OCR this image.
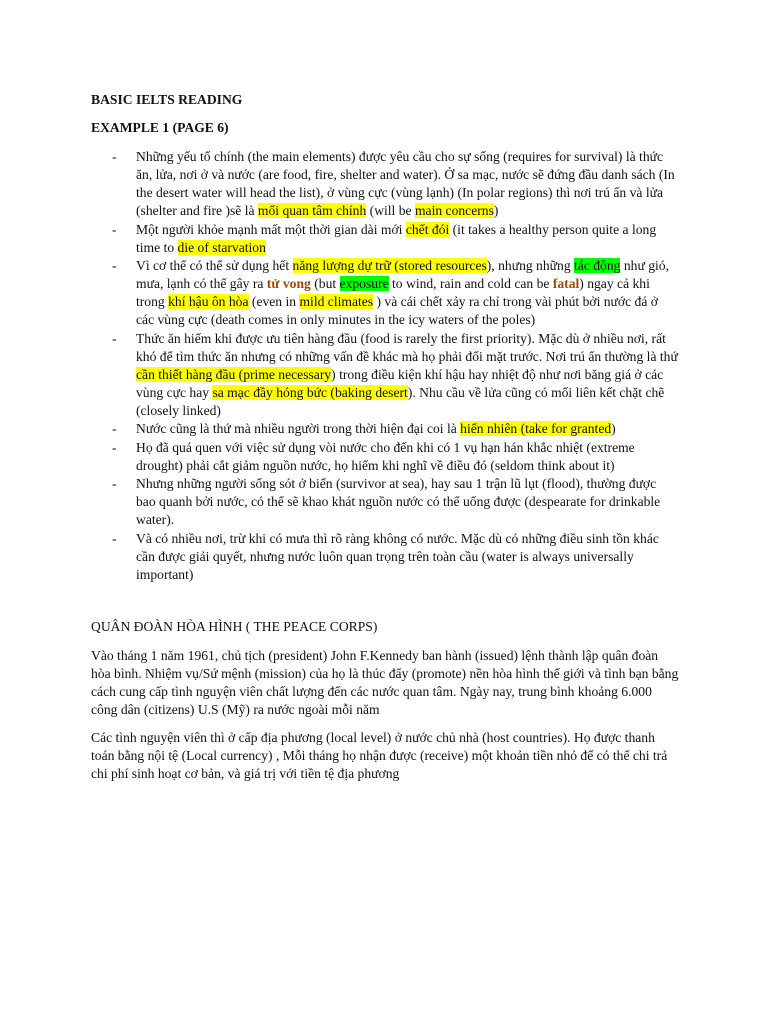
BASIC IELTS READING
EXAMPLE 1 (PAGE 6)
- Những yếu tố chính (the main elements) được yêu cầu cho sự sống (requires for survival) là thức ăn, lửa, nơi ở và nước (are food, fire, shelter and water). Ở sa mạc, nước sẽ đứng đầu danh sách (In the desert water will head the list), ở vùng cực (vùng lạnh) (In polar regions) thì nơi trú ẩn và lửa (shelter and fire )sẽ là mối quan tâm chính (will be main concerns)
- Một người khỏe mạnh mất một thời gian dài mới chết đói (it takes a healthy person quite a long time to die of starvation
- Vì cơ thể có thể sử dụng hết năng lượng dự trữ (stored resources), nhưng những tác động như gió, mưa, lạnh có thể gây ra tử vong (but exposure to wind, rain and cold can be fatal) ngay cả khi trong khí hậu ôn hòa (even in mild climates ) và cái chết xảy ra chỉ trong vài phút bởi nước đá ở các vùng cực (death comes in only minutes in the icy waters of the poles)
- Thức ăn hiếm khi được ưu tiên hàng đầu (food is rarely the first priority). Mặc dù ở nhiều nơi, rất khó để tìm thức ăn nhưng có những vấn đề khác mà họ phải đối mặt trước. Nơi trú ẩn thường là thứ cần thiết hàng đầu (prime necessary) trong điều kiện khí hậu hay nhiệt độ như nơi băng giá ở các vùng cực hay sa mạc đầy hóng bức (baking desert). Nhu cầu về lửa cũng có mối liên kết chặt chẽ (closely linked)
- Nước cũng là thứ mà nhiều người trong thời hiện đại coi là hiển nhiên (take for granted)
- Họ đã quá quen với việc sử dụng vòi nước cho đến khi có 1 vụ hạn hán khắc nhiệt (extreme drought) phải cắt giảm nguồn nước, họ hiếm khi nghĩ về điều đó (seldom think about it)
- Nhưng những người sống sót ở biển (survivor at sea), hay sau 1 trận lũ lụt (flood), thường được bao quanh bởi nước, có thể sẽ khao khát nguồn nước có thể uống được (despearate for drinkable water).
- Và có nhiều nơi, trừ khi có mưa thì rõ ràng không có nước. Mặc dù có những điều sinh tồn khác cần được giải quyết, nhưng nước luôn quan trọng trên toàn cầu (water is always universally important)
QUÂN ĐOÀN HÒA HÌNH ( THE PEACE CORPS)

Vào tháng 1 năm 1961, chủ tịch (president) John F.Kennedy ban hành (issued) lệnh thành lập quân đoàn hòa bình. Nhiệm vụ/Sứ mệnh (mission) của họ là thúc đẩy (promote) nền hòa hình thế giới và tình bạn bằng cách cung cấp tình nguyện viên chất lượng đến các nước quan tâm. Ngày nay, trung bình khoảng 6.000 công dân (citizens) U.S (Mỹ) ra nước ngoài mỗi năm

Các tình nguyện viên thì ở cấp địa phương (local level) ở nước chủ nhà (host countries). Họ được thanh toán bằng nội tệ (Local currency) , Mỗi tháng họ nhận được (receive) một khoản tiền nhỏ để có thể chi trả chi phí sinh hoạt cơ bản, và giá trị với tiền tệ địa phương
